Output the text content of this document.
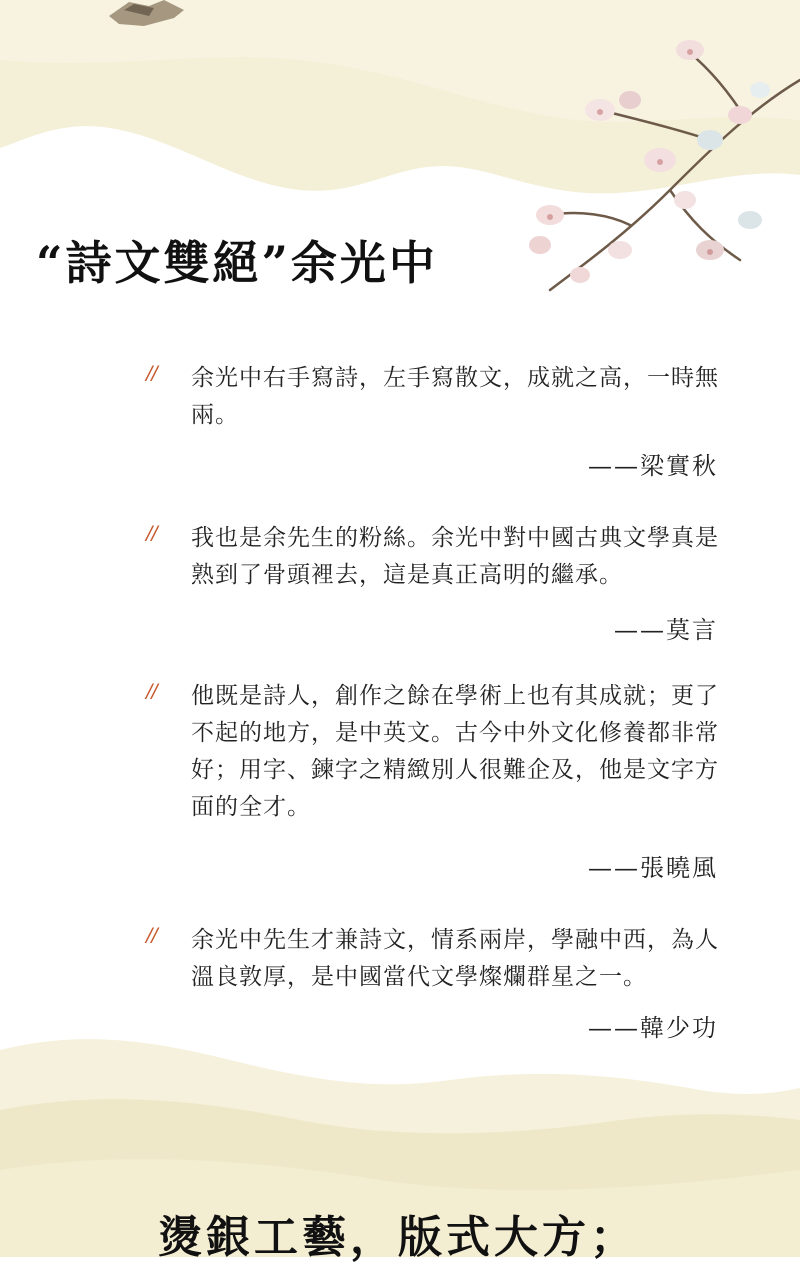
“詩文雙絕”余光中
// 余光中右手寫詩，左手寫散文，成就之高，一時無兩。

——梁實秋

// 我也是余先生的粉絲。余光中對中國古典文學真是熟到了骨頭裡去，這是真正高明的繼承。

——莫言

// 他既是詩人，創作之餘在學術上也有其成就；更了不起的地方，是中英文。古今中外文化修養都非常好；用字、鍊字之精緻別人很難企及，他是文字方面的全才。

——張曉風

// 余光中先生才兼詩文，情系兩岸，學融中西，為人溫良敦厚，是中國當代文學燦爛群星之一。

——韓少功

燙銀工藝，版式大方；
